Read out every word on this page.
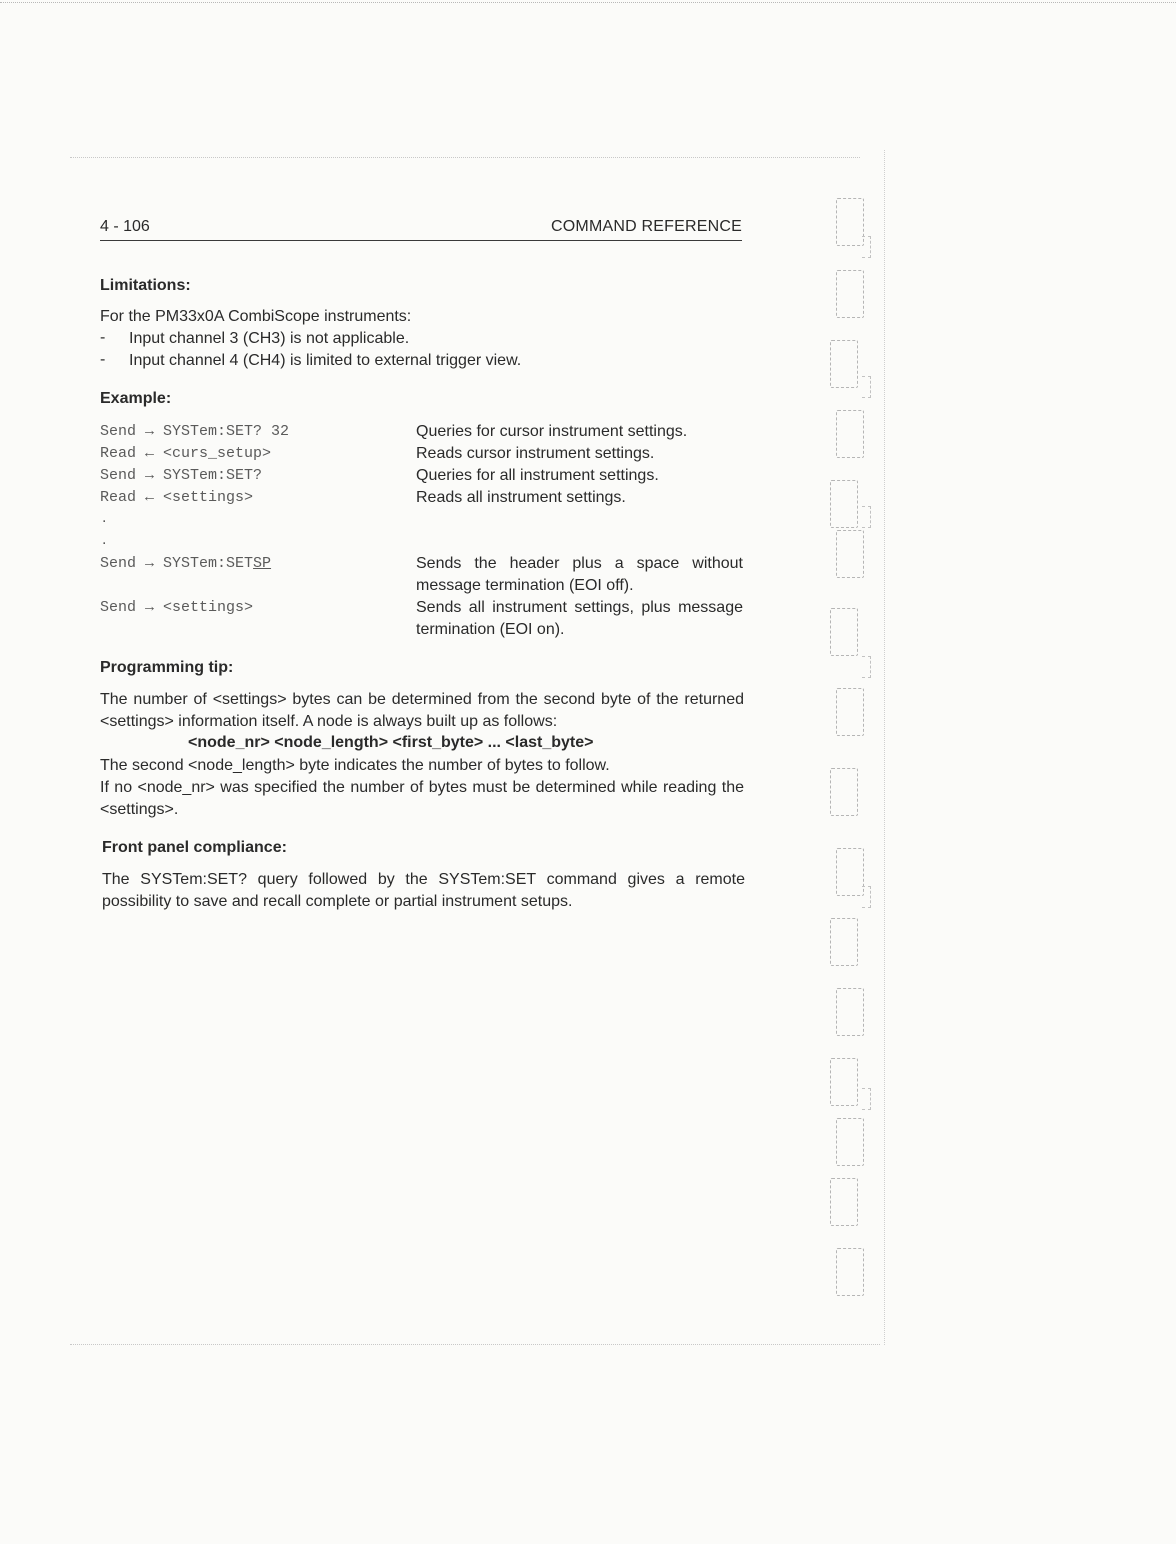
4 - 106	COMMAND REFERENCE
Limitations:
For the PM33x0A CombiScope instruments:
- Input channel 3 (CH3) is not applicable.
- Input channel 4 (CH4) is limited to external trigger view.
Example:
Send → SYSTem:SET? 32	Queries for cursor instrument settings.
Read ← <curs_setup>	Reads cursor instrument settings.
Send → SYSTem:SET?	Queries for all instrument settings.
Read ← <settings>	Reads all instrument settings.
.
.
Send → SYSTem:SETSP	Sends the header plus a space without message termination (EOI off).
Send → <settings>	Sends all instrument settings, plus message termination (EOI on).
Programming tip:
The number of <settings> bytes can be determined from the second byte of the returned <settings> information itself. A node is always built up as follows:
<node_nr> <node_length> <first_byte> ... <last_byte>
The second <node_length> byte indicates the number of bytes to follow.
If no <node_nr> was specified the number of bytes must be determined while reading the <settings>.
Front panel compliance:
The SYSTem:SET? query followed by the SYSTem:SET command gives a remote possibility to save and recall complete or partial instrument setups.
